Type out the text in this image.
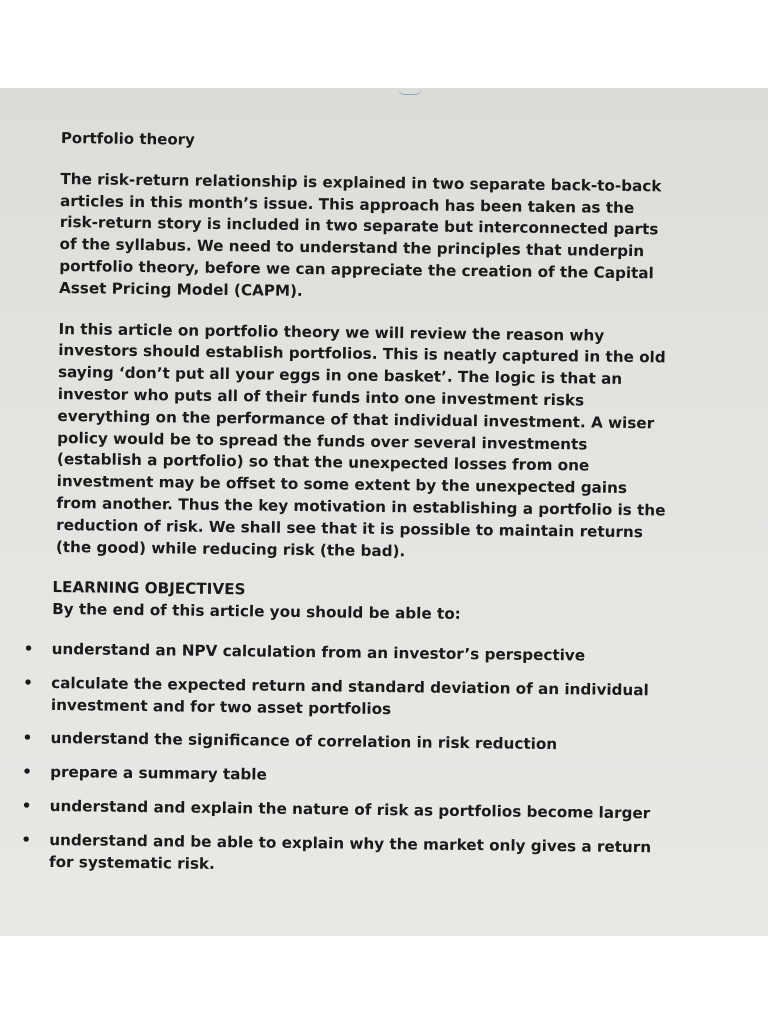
Portfolio theory
The risk-return relationship is explained in two separate back-to-back
articles in this month’s issue. This approach has been taken as the
risk-return story is included in two separate but interconnected parts
of the syllabus. We need to understand the principles that underpin
portfolio theory, before we can appreciate the creation of the Capital
Asset Pricing Model (CAPM).
In this article on portfolio theory we will review the reason why
investors should establish portfolios. This is neatly captured in the old
saying ‘don’t put all your eggs in one basket’. The logic is that an
investor who puts all of their funds into one investment risks
everything on the performance of that individual investment. A wiser
policy would be to spread the funds over several investments
(establish a portfolio) so that the unexpected losses from one
investment may be offset to some extent by the unexpected gains
from another. Thus the key motivation in establishing a portfolio is the
reduction of risk. We shall see that it is possible to maintain returns
(the good) while reducing risk (the bad).
LEARNING OBJECTIVES
By the end of this article you should be able to:
• understand an NPV calculation from an investor’s perspective
• calculate the expected return and standard deviation of an individual
investment and for two asset portfolios
• understand the significance of correlation in risk reduction
• prepare a summary table
• understand and explain the nature of risk as portfolios become larger
• understand and be able to explain why the market only gives a return
for systematic risk.
